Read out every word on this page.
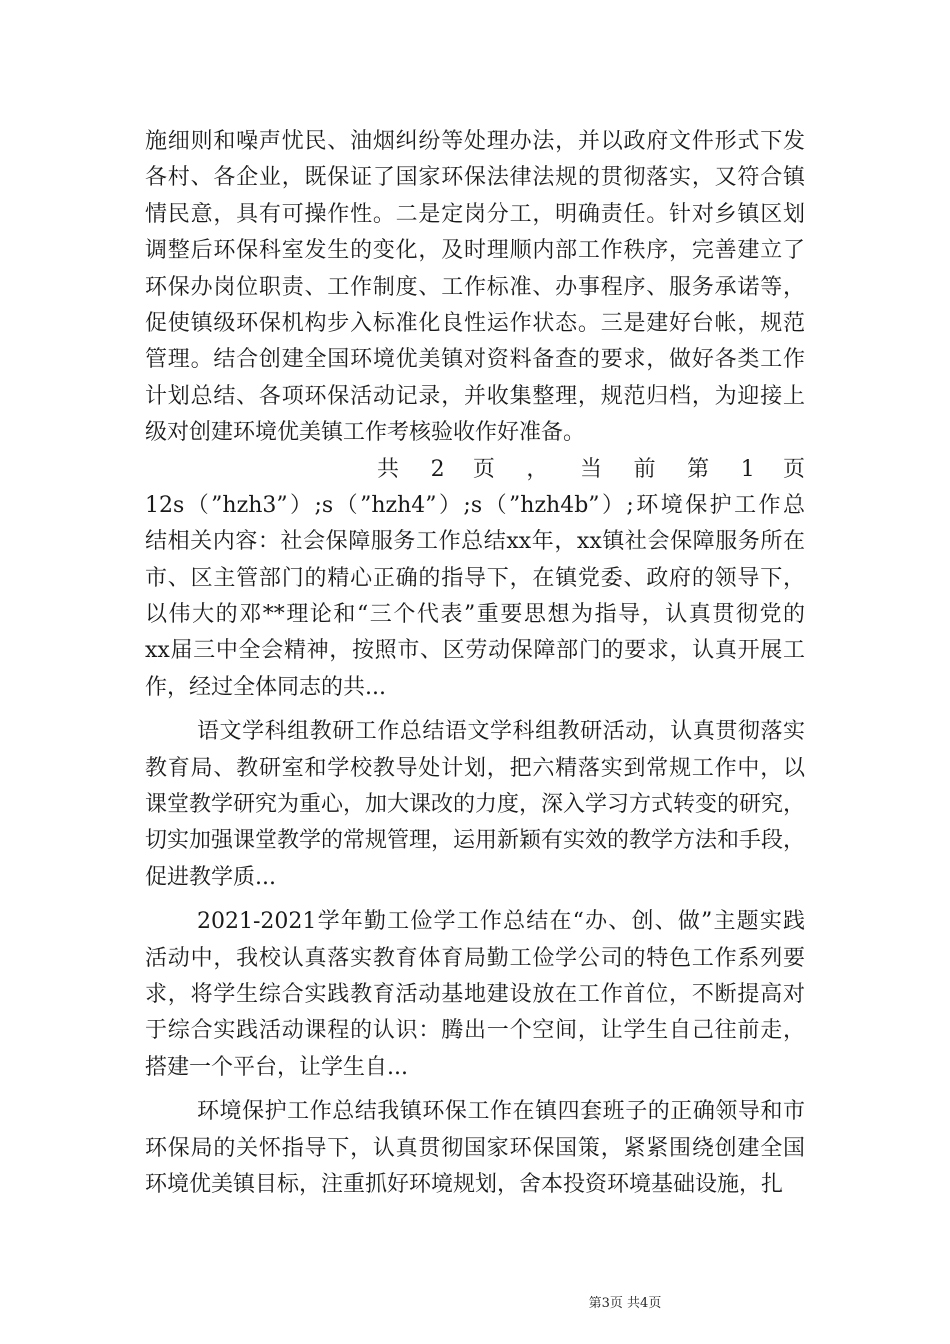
施细则和噪声忧民、油烟纠纷等处理办法，并以政府文件形式下发
各村、各企业，既保证了国家环保法律法规的贯彻落实，又符合镇
情民意，具有可操作性。二是定岗分工，明确责任。针对乡镇区划
调整后环保科室发生的变化，及时理顺内部工作秩序，完善建立了
环保办岗位职责、工作制度、工作标准、办事程序、服务承诺等，
促使镇级环保机构步入标准化良性运作状态。三是建好台帐，规范
管理。结合创建全国环境优美镇对资料备查的要求，做好各类工作
计划总结、各项环保活动记录，并收集整理，规范归档，为迎接上
级对创建环境优美镇工作考核验收作好准备。
共 2 页 ， 当 前 第 1 页
12s（”hzh3”）;s（”hzh4”）;s（”hzh4b”）;环境保护工作总
结相关内容：社会保障服务工作总结xx年，xx镇社会保障服务所在
市、区主管部门的精心正确的指导下，在镇党委、政府的领导下，
以伟大的邓**理论和“三个代表”重要思想为指导，认真贯彻党的
xx届三中全会精神，按照市、区劳动保障部门的要求，认真开展工
作，经过全体同志的共...
语文学科组教研工作总结语文学科组教研活动，认真贯彻落实
教育局、教研室和学校教导处计划，把六精落实到常规工作中，以
课堂教学研究为重心，加大课改的力度，深入学习方式转变的研究，
切实加强课堂教学的常规管理，运用新颖有实效的教学方法和手段，
促进教学质...
2021-2021学年勤工俭学工作总结在“办、创、做”主题实践
活动中，我校认真落实教育体育局勤工俭学公司的特色工作系列要
求，将学生综合实践教育活动基地建设放在工作首位，不断提高对
于综合实践活动课程的认识：腾出一个空间，让学生自己往前走，
搭建一个平台，让学生自...
环境保护工作总结我镇环保工作在镇四套班子的正确领导和市
环保局的关怀指导下，认真贯彻国家环保国策，紧紧围绕创建全国
环境优美镇目标，注重抓好环境规划，舍本投资环境基础设施，扎
第3页 共4页
